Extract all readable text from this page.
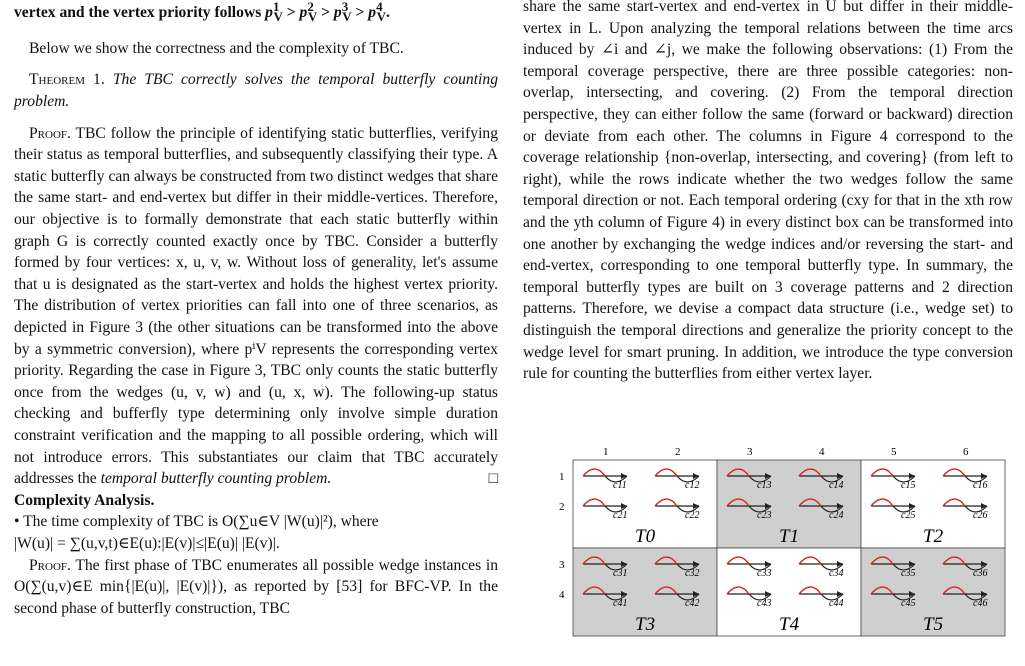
vertex and the vertex priority follows $p^1_V > p^2_V > p^3_V > p^4_V$.

Below we show the correctness and the complexity of TBC.

Theorem 1. The TBC correctly solves the temporal butterfly counting problem.

Proof. TBC follow the principle of identifying static butterflies, verifying their status as temporal butterflies, and subsequently classifying their type. A static butterfly can always be constructed from two distinct wedges that share the same start- and end-vertex but differ in their middle-vertices. Therefore, our objective is to formally demonstrate that each static butterfly within graph G is correctly counted exactly once by TBC. Consider a butterfly formed by four vertices: x, u, v, w. Without loss of generality, let's assume that u is designated as the start-vertex and holds the highest vertex priority. The distribution of vertex priorities can fall into one of three scenarios, as depicted in Figure 3 (the other situations can be transformed into the above by a symmetric conversion), where pⁱV represents the corresponding vertex priority. Regarding the case in Figure 3, TBC only counts the static butterfly once from the wedges (u, v, w) and (u, x, w). The following-up status checking and bufferfly type determining only involve simple duration constraint verification and the mapping to all possible ordering, which will not introduce errors. This substantiates our claim that TBC accurately addresses the temporal butterfly counting problem.	□

Complexity Analysis.

• The time complexity of TBC is O(∑u∈V |W(u)|²), where

|W(u)| = ∑(u,v,t)∈E(u):|E(v)|≤|E(u)| |E(v)|.

Proof. The first phase of TBC enumerates all possible wedge instances in O(∑(u,v)∈E min{|E(u)|, |E(v)|}), as reported by [53] for BFC-VP. In the second phase of butterfly construction, TBC

share the same start-vertex and end-vertex in U but differ in their middle-vertex in L. Upon analyzing the temporal relations between the time arcs induced by ∠i and ∠j, we make the following observations: (1) From the temporal coverage perspective, there are three possible categories: non-overlap, intersecting, and covering. (2) From the temporal direction perspective, they can either follow the same (forward or backward) direction or deviate from each other. The columns in Figure 4 correspond to the coverage relationship {non-overlap, intersecting, and covering} (from left to right), while the rows indicate whether the two wedges follow the same temporal direction or not. Each temporal ordering (cxy for that in the xth row and the yth column of Figure 4) in every distinct box can be transformed into one another by exchanging the wedge indices and/or reversing the start- and end-vertex, corresponding to one temporal butterfly type. In summary, the temporal butterfly types are built on 3 coverage patterns and 2 direction patterns. Therefore, we devise a compact data structure (i.e., wedge set) to distinguish the temporal directions and generalize the priority concept to the wedge level for smart pruning. In addition, we introduce the type conversion rule for counting the butterflies from either vertex layer.

T0	T1	T2
T3	T4	T5
1	2	3	4	5	6
1
2
3
4
c11	c12	c13	c14	c15	c16
c21	c22	c23	c24	c25	c26
c31	c32	c33	c34	c35	c36
c41	c42	c43	c44	c45	c46
